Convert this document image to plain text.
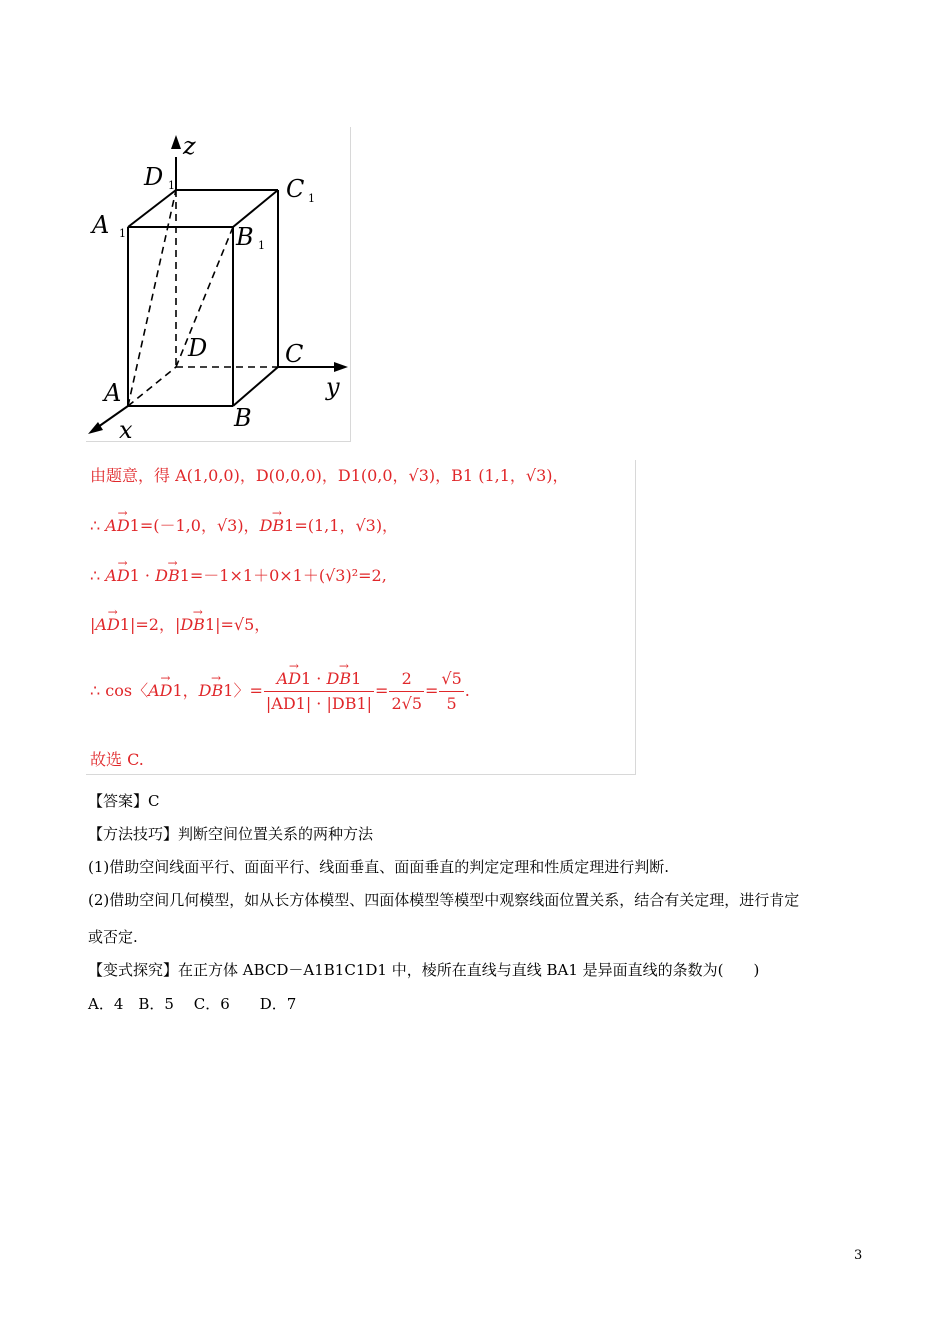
z
y
x
A
B
C
D
A	B
C
D
1
1
1
1
由题意，得 A(1,0,0)，D(0,0,0)，D1(0,0，√3)，B1 (1,1，√3)，
∴ → AD1=(－1,0，√3)，→ DB1=(1,1，√3)，
∴ → AD1 · → DB1=－1×1＋0×1＋(√3)²=2,
|→ AD1|=2，|→ DB1|=√5，
∴ cos〈→ AD1，→ DB1〉=
→ $\frac{AD1 \cdot \to DB1}{|AD1| \cdot |DB1|} = \frac{2}{2√5} = \frac{√5}{5}$ .
故选 C.
【答案】C
【方法技巧】判断空间位置关系的两种方法
(1)借助空间线面平行、面面平行、线面垂直、面面垂直的判定定理和性质定理进行判断.
(2)借助空间几何模型，如从长方体模型、四面体模型等模型中观察线面位置关系，结合有关定理，进行肯定
或否定.
【变式探究】在正方体 ABCD－A1B1C1D1 中，棱所在直线与直线 BA1 是异面直线的条数为(　　)
A．4　B．5　 C．6　　D．7
3
